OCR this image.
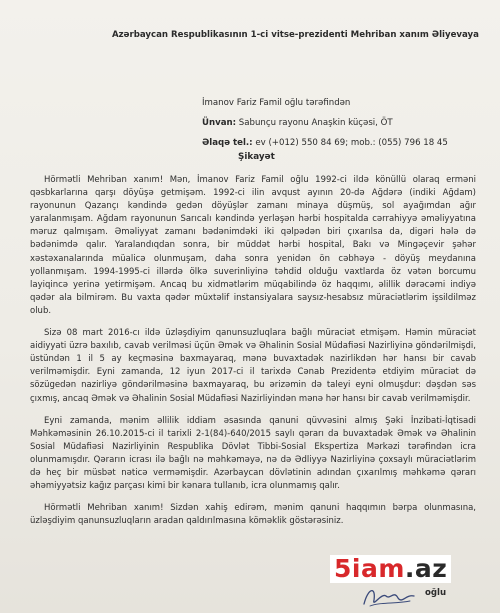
Azərbaycan Respublikasının 1-ci vitse-prezidenti Mehriban xanım Əliyevaya
İmanov Fariz Famil oğlu tərəfindən
Ünvan: Sabunçu rayonu Anaşkin küçəsi, ÖT
Əlaqə tel.: ev (+012) 550 84 69; mob.: (055) 796 18 45
Şikayət

Hörmətli Mehriban xanım! Mən, İmanov Fariz Famil oğlu 1992-ci ildə könüllü olaraq erməni qəsbkarlarına qarşı döyüşə getmişəm. 1992-ci ilin avqust ayının 20-də Ağdərə (indiki Ağdam) rayonunun Qazançı kəndində gedən döyüşlər zamanı minaya düşmüş, sol ayağımdan ağır yaralanmışam. Ağdam rayonunun Sarıcalı kəndində yerləşən hərbi hospitalda cərrahiyyə əməliyyatına məruz qalmışam. Əməliyyat zamanı bədənimdəki iki qəlpədən biri çıxarılsa da, digəri hələ də bədənimdə qalır. Yaralandıqdan sonra, bir müddət hərbi hospital, Bakı və Mingəçevir şəhər xəstəxanalarında müalicə olunmuşam, daha sonra yenidən ön cəbhəyə - döyüş meydanına yollanmışam. 1994-1995-ci illərdə ölkə suverinliyinə təhdid olduğu vaxtlarda öz vətən borcumu layiqincə yerinə yetirmişəm. Ancaq bu xidmətlərim müqabilində öz haqqımı, əlillik dərəcəmi indiyə qədər ala bilmirəm. Bu vaxta qədər müxtəlif instansiyalara saysız-hesabsız müraciətlərim işsildilməz olub.

Sizə 08 mart 2016-cı ildə üzləşdiyim qanunsuzluqlara bağlı müraciət etmişəm. Həmin müraciət aidiyyati üzrə baxılıb, cavab verilməsi üçün Əmək və Əhalinin Sosial Müdafiəsi Nazirliyinə göndərilmişdi, üstündən 1 il 5 ay keçməsinə baxmayaraq, mənə buvaxtadək nazirlikdən hər hansı bir cavab verilməmişdir. Eyni zamanda, 12 iyun 2017-ci il tarixdə Cənab Prezidentə etdiyim müraciət də sözügedən nazirliyə göndərilməsinə baxmayaraq, bu ərizəmin də taleyi eyni olmuşdur: dəşdən səs çıxmış, ancaq Əmək və Əhalinin Sosial Müdafiəsi Nazirliyindən mənə hər hansı bir cavab verilməmişdir.

Eyni zamanda, mənim əllilik iddiam əsasında qanuni qüvvəsini almış Şəki İnzibati-İqtisadi Məhkəməsinin 26.10.2015-ci il tarixli 2-1(84)-640/2015 saylı qərarı da buvaxtadək Əmək və Əhalinin Sosial Müdafiəsi Nazirliyinin Respublika Dövlət Tibbi-Sosial Ekspertiza Mərkəzi tərəfindən icra olunmamışdır. Qərarın icrası ilə bağlı nə məhkəməyə, nə də Ədliyyə Nazirliyinə çoxsaylı müraciətlərim də heç bir müsbət nəticə verməmişdir. Azərbaycan dövlətinin adından çıxarılmış məhkəmə qərarı əhəmiyyətsiz kağız parçası kimi bir kənara tullanıb, icra olunmamış qalır.

Hörmətli Mehriban xanım! Sizdən xahiş edirəm, mənim qanuni haqqımın bərpa olunmasına, üzləşdiyim qanunsuzluqların aradan qaldırılmasına köməklik göstərəsiniz.

oğlu
5iam .az
